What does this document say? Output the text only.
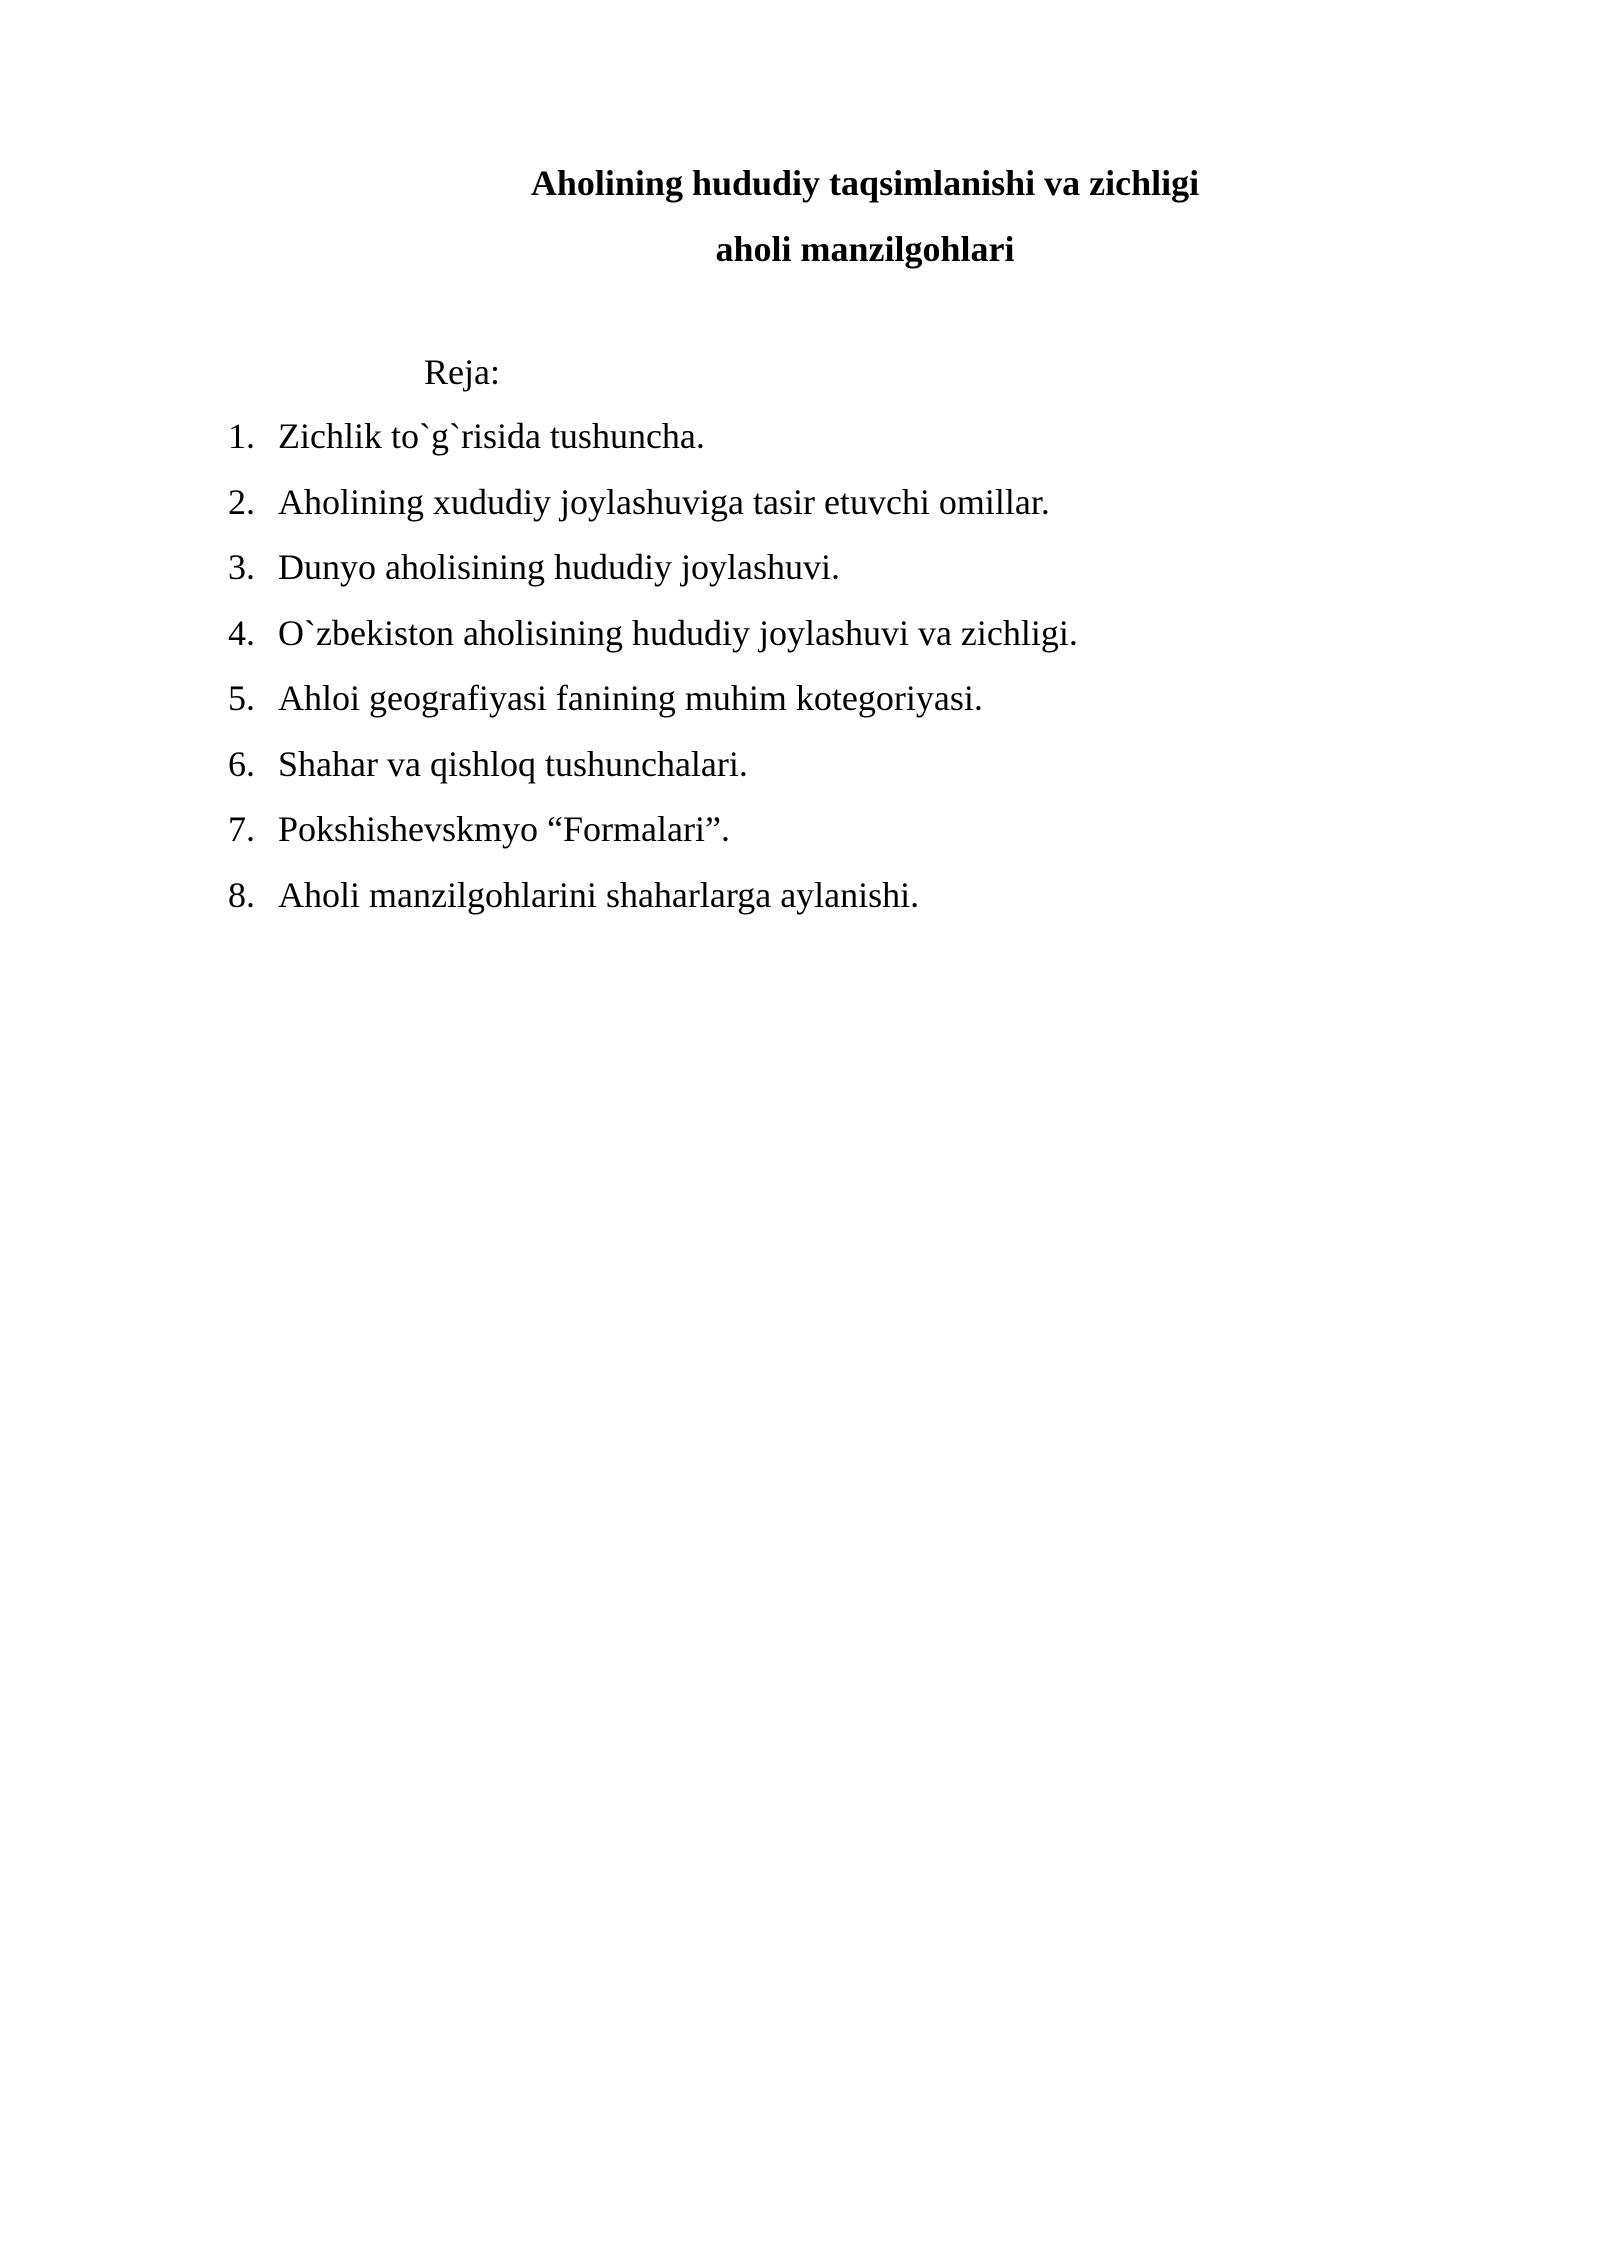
Aholining hududiy taqsimlanishi va zichligi
aholi manzilgohlari
Reja:
1. Zichlik to`g`risida tushuncha.
2. Aholining xududiy joylashuviga tasir etuvchi omillar.
3. Dunyo aholisining hududiy joylashuvi.
4. O`zbekiston aholisining hududiy joylashuvi va zichligi.
5. Ahloi geografiyasi fanining muhim kotegoriyasi.
6. Shahar va qishloq tushunchalari.
7. Pokshishevskmyo “Formalari”.
8. Aholi manzilgohlarini shaharlarga aylanishi.
